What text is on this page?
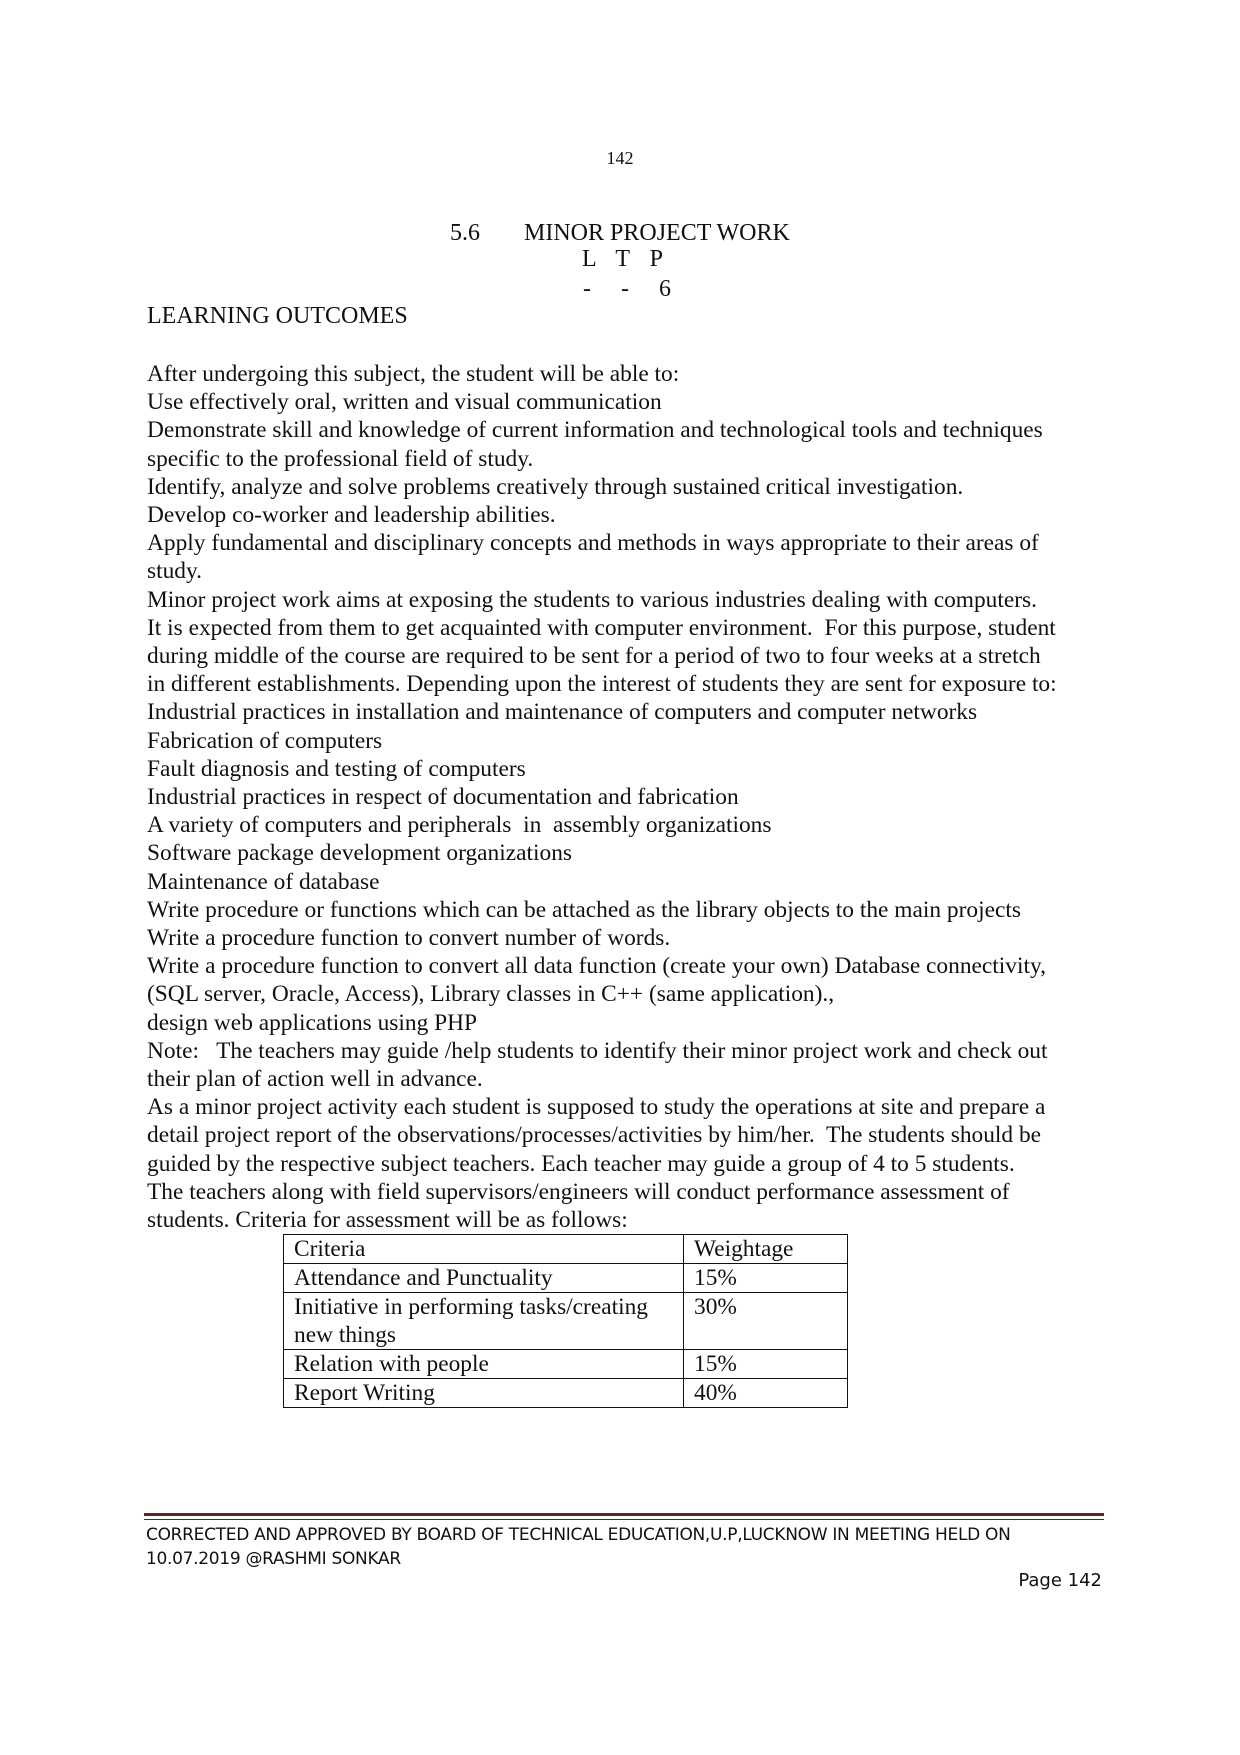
142
5.6 MINOR PROJECT WORK
L  T  P
-   -   6
LEARNING OUTCOMES
After undergoing this subject, the student will be able to:
Use effectively oral, written and visual communication
Demonstrate skill and knowledge of current information and technological tools and techniques
specific to the professional field of study.
Identify, analyze and solve problems creatively through sustained critical investigation.
Develop co-worker and leadership abilities.
Apply fundamental and disciplinary concepts and methods in ways appropriate to their areas of
study.
Minor project work aims at exposing the students to various industries dealing with computers.
It is expected from them to get acquainted with computer environment.  For this purpose, student
during middle of the course are required to be sent for a period of two to four weeks at a stretch
in different establishments. Depending upon the interest of students they are sent for exposure to:
Industrial practices in installation and maintenance of computers and computer networks
Fabrication of computers
Fault diagnosis and testing of computers
Industrial practices in respect of documentation and fabrication
A variety of computers and peripherals  in  assembly organizations
Software package development organizations
Maintenance of database
Write procedure or functions which can be attached as the library objects to the main projects
Write a procedure function to convert number of words.
Write a procedure function to convert all data function (create your own) Database connectivity,
(SQL server, Oracle, Access), Library classes in C++ (same application).,
design web applications using PHP
Note:   The teachers may guide /help students to identify their minor project work and check out
their plan of action well in advance.
As a minor project activity each student is supposed to study the operations at site and prepare a
detail project report of the observations/processes/activities by him/her.  The students should be
guided by the respective subject teachers. Each teacher may guide a group of 4 to 5 students.
The teachers along with field supervisors/engineers will conduct performance assessment of
students. Criteria for assessment will be as follows:
Criteria	Weightage
Attendance and Punctuality	15%
Initiative in performing tasks/creating new things	30%
Relation with people	15%
Report Writing	40%
CORRECTED AND APPROVED BY BOARD OF TECHNICAL EDUCATION,U.P,LUCKNOW IN MEETING HELD ON
10.07.2019 @RASHMI SONKAR
Page 142
